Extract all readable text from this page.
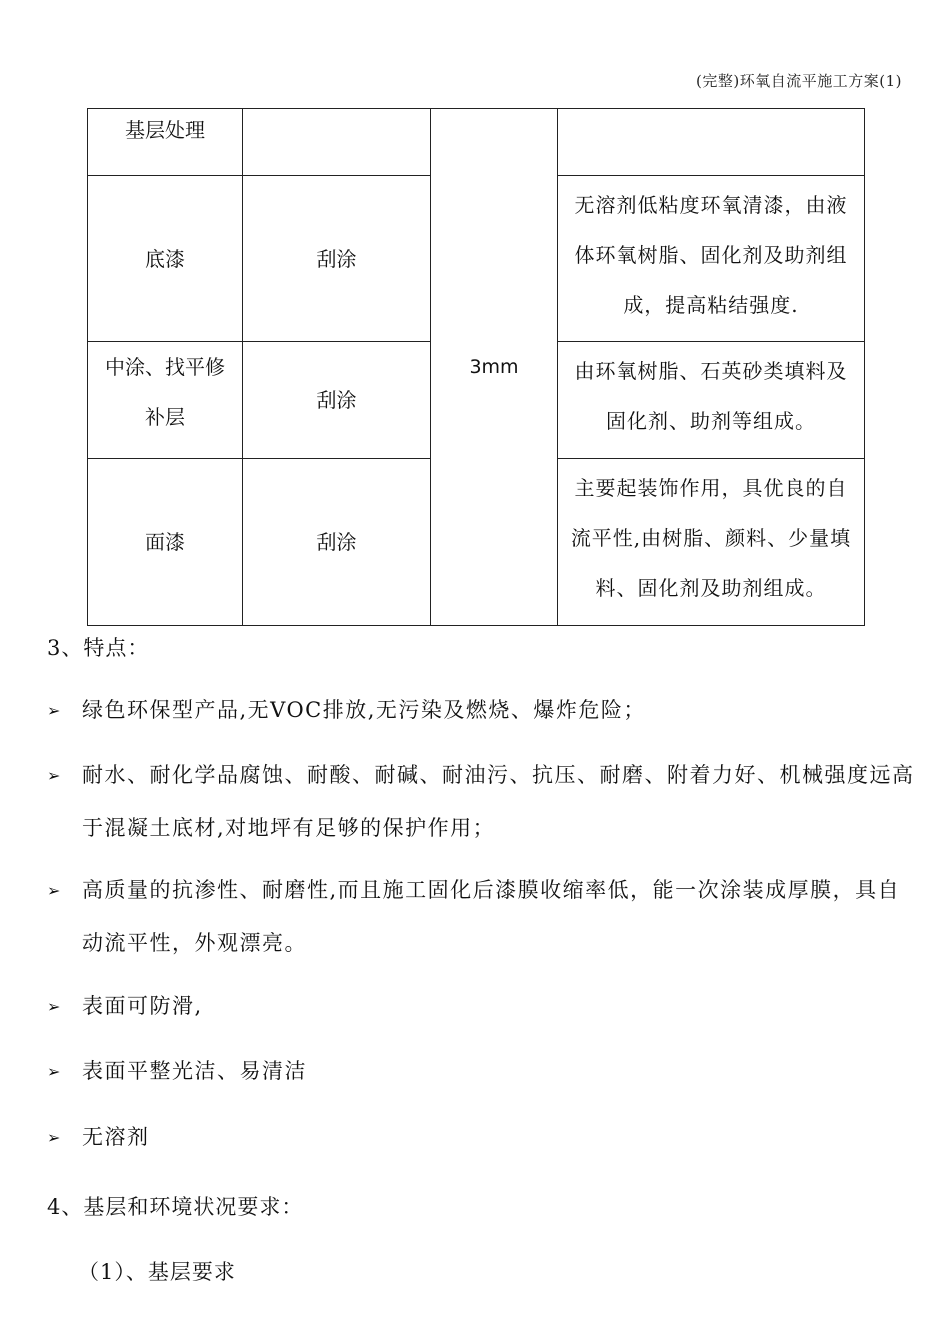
(完整)环氧自流平施工方案(1)
基层处理		3mm	
底漆	刮涂		无溶剂低粘度环氧清漆，由液体环氧树脂、固化剂及助剂组成，提高粘结强度.
中涂、找平修补层	刮涂		由环氧树脂、石英砂类填料及固化剂、助剂等组成。
面漆	刮涂		主要起装饰作用，具优良的自流平性,由树脂、颜料、少量填料、固化剂及助剂组成。
3、特点：
➢ 绿色环保型产品,无VOC排放,无污染及燃烧、爆炸危险；
➢ 耐水、耐化学品腐蚀、耐酸、耐碱、耐油污、抗压、耐磨、附着力好、机械强度远高于混凝土底材,对地坪有足够的保护作用；
➢ 高质量的抗渗性、耐磨性,而且施工固化后漆膜收缩率低，能一次涂装成厚膜，具自动流平性，外观漂亮。
➢ 表面可防滑,
➢ 表面平整光洁、易清洁
➢ 无溶剂
4、基层和环境状况要求：
（1）、基层要求
